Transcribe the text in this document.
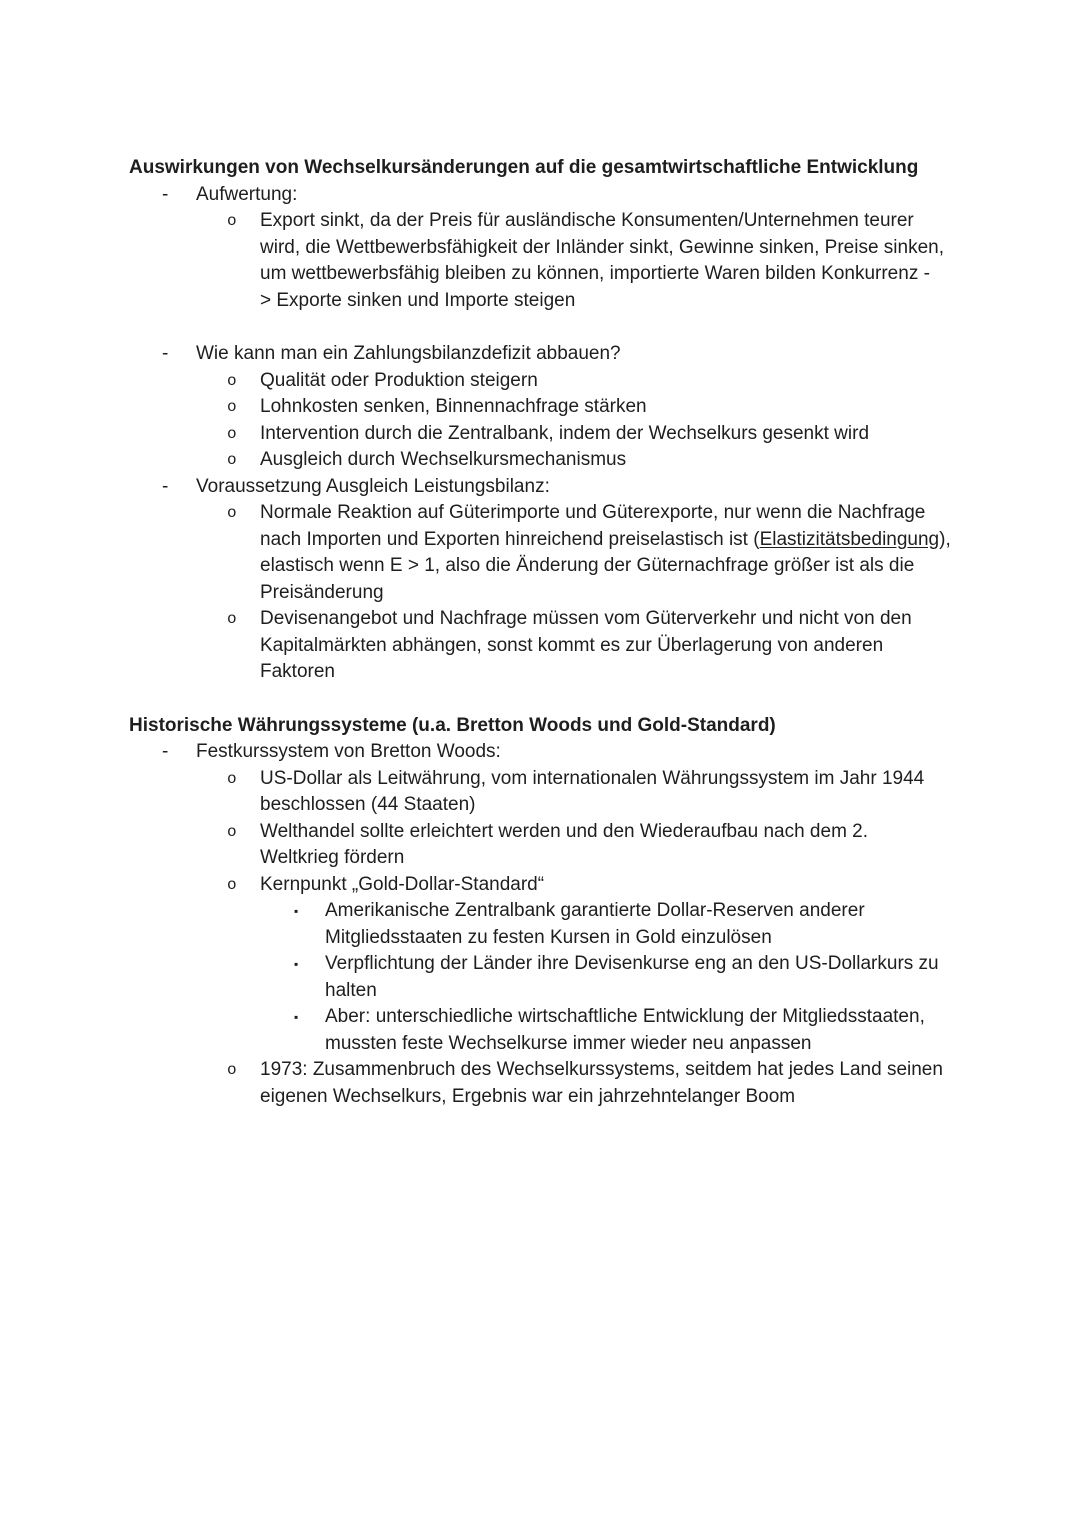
Auswirkungen von Wechselkursänderungen auf die gesamtwirtschaftliche Entwicklung
- Aufwertung:
o Export sinkt, da der Preis für ausländische Konsumenten/Unternehmen teurer
wird, die Wettbewerbsfähigkeit der Inländer sinkt, Gewinne sinken, Preise sinken,
um wettbewerbsfähig bleiben zu können, importierte Waren bilden Konkurrenz -
> Exporte sinken und Importe steigen
- Wie kann man ein Zahlungsbilanzdefizit abbauen?
o Qualität oder Produktion steigern
o Lohnkosten senken, Binnennachfrage stärken
o Intervention durch die Zentralbank, indem der Wechselkurs gesenkt wird
o Ausgleich durch Wechselkursmechanismus
- Voraussetzung Ausgleich Leistungsbilanz:
o Normale Reaktion auf Güterimporte und Güterexporte, nur wenn die Nachfrage
nach Importen und Exporten hinreichend preiselastisch ist (Elastizitätsbedingung),
elastisch wenn E > 1, also die Änderung der Güternachfrage größer ist als die
Preisänderung
o Devisenangebot und Nachfrage müssen vom Güterverkehr und nicht von den
Kapitalmärkten abhängen, sonst kommt es zur Überlagerung von anderen
Faktoren
Historische Währungssysteme (u.a. Bretton Woods und Gold-Standard)
- Festkurssystem von Bretton Woods:
o US-Dollar als Leitwährung, vom internationalen Währungssystem im Jahr 1944
beschlossen (44 Staaten)
o Welthandel sollte erleichtert werden und den Wiederaufbau nach dem 2.
Weltkrieg fördern
o Kernpunkt „Gold-Dollar-Standard“
▪ Amerikanische Zentralbank garantierte Dollar-Reserven anderer
Mitgliedsstaaten zu festen Kursen in Gold einzulösen
▪ Verpflichtung der Länder ihre Devisenkurse eng an den US-Dollarkurs zu
halten
▪ Aber: unterschiedliche wirtschaftliche Entwicklung der Mitgliedsstaaten,
mussten feste Wechselkurse immer wieder neu anpassen
o 1973: Zusammenbruch des Wechselkurssystems, seitdem hat jedes Land seinen
eigenen Wechselkurs, Ergebnis war ein jahrzehntelanger Boom
